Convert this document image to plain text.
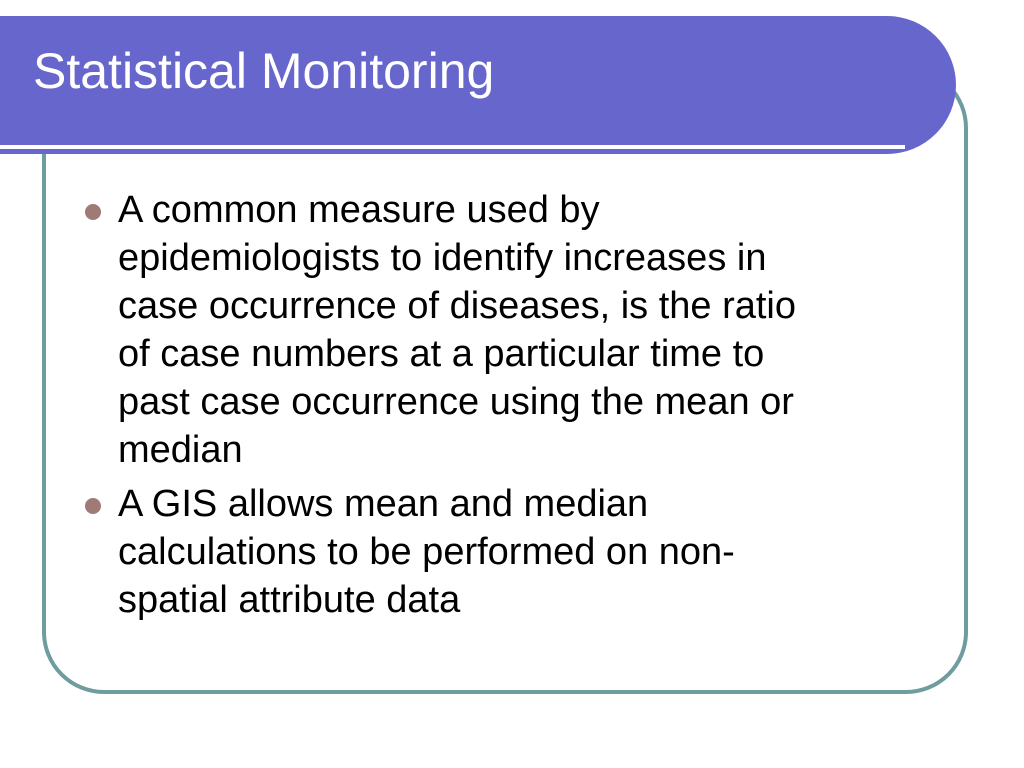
Statistical Monitoring
A common measure used by
epidemiologists to identify increases in
case occurrence of diseases, is the ratio
of case numbers at a particular time to
past case occurrence using the mean or
median
A GIS allows mean and median
calculations to be performed on non-
spatial attribute data
